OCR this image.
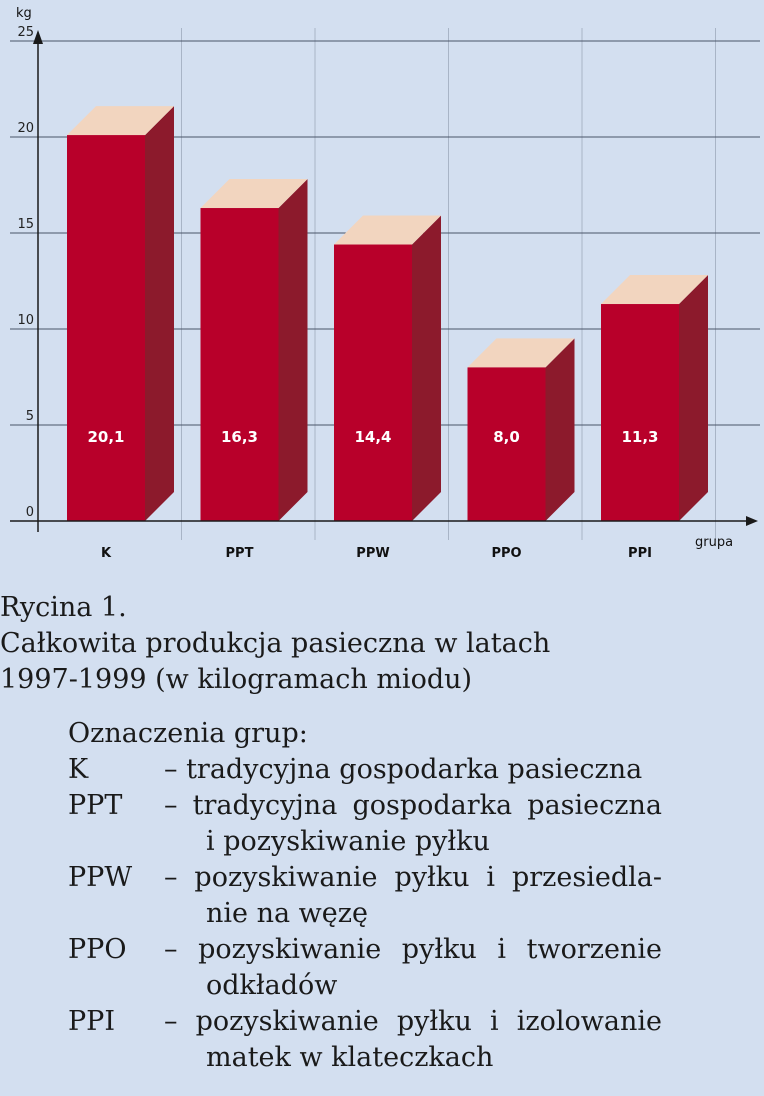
kg
grupa
0
5
10
15
20
25
20,1
K
16,3
PPT
14,4
PPW
8,0
PPO
11,3
PPI
Rycina 1.
Całkowita produkcja pasieczna w latach
1997-1999 (w kilogramach miodu)
Oznaczenia grup:
K	– tradycyjna gospodarka pasieczna
PPT	– tradycyjna gospodarka pasieczna
i pozyskiwanie pyłku
PPW	– pozyskiwanie pyłku i przesiedla-
nie na węzę
PPO	– pozyskiwanie pyłku i tworzenie
odkładów
PPI	– pozyskiwanie pyłku i izolowanie
matek w klateczkach
